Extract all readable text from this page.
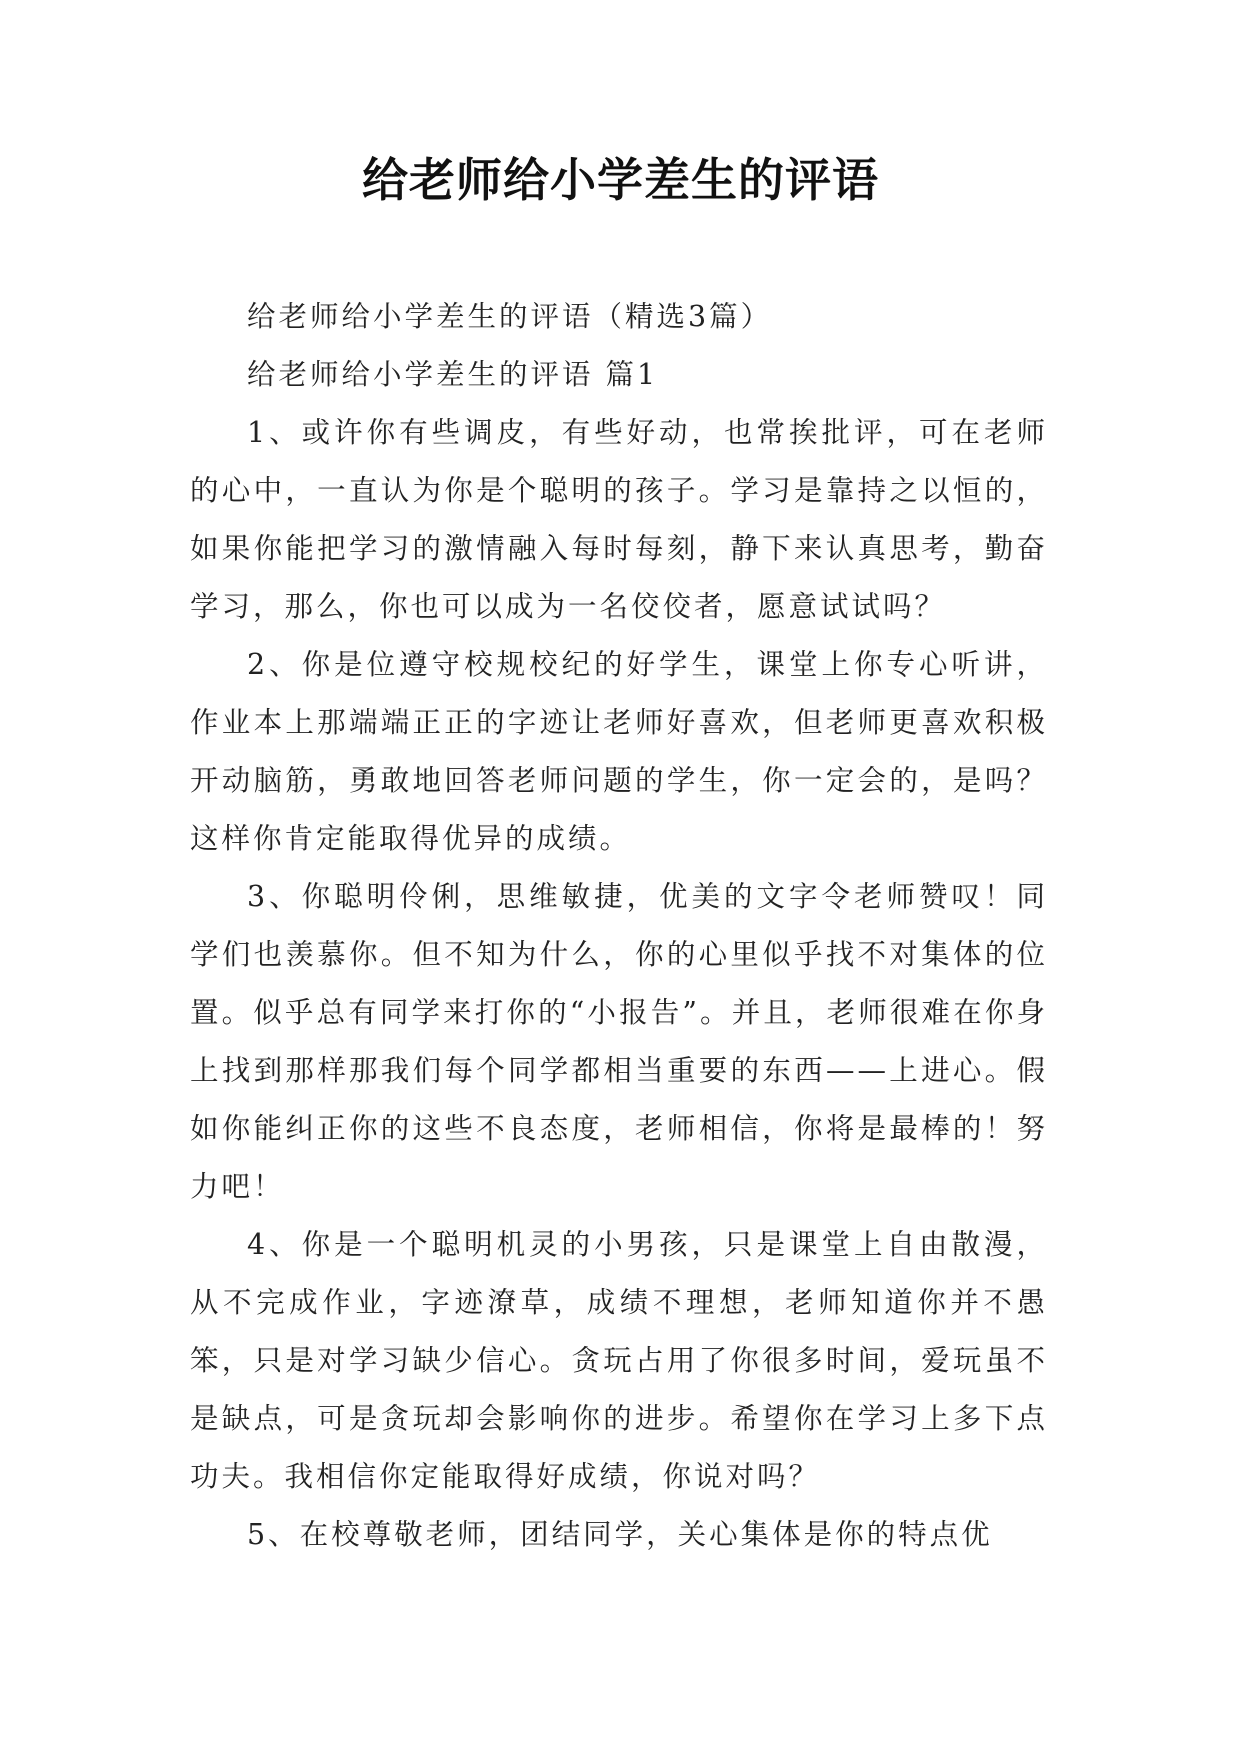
给老师给小学差生的评语

给老师给小学差生的评语（精选3篇）

给老师给小学差生的评语 篇1

1、或许你有些调皮，有些好动，也常挨批评，可在老师的心中，一直认为你是个聪明的孩子。学习是靠持之以恒的，如果你能把学习的激情融入每时每刻，静下来认真思考，勤奋学习，那么，你也可以成为一名佼佼者，愿意试试吗？

2、你是位遵守校规校纪的好学生，课堂上你专心听讲，作业本上那端端正正的字迹让老师好喜欢，但老师更喜欢积极开动脑筋，勇敢地回答老师问题的学生，你一定会的，是吗？这样你肯定能取得优异的成绩。

3、你聪明伶俐，思维敏捷，优美的文字令老师赞叹！同学们也羡慕你。但不知为什么，你的心里似乎找不对集体的位置。似乎总有同学来打你的“小报告”。并且，老师很难在你身上找到那样那我们每个同学都相当重要的东西——上进心。假如你能纠正你的这些不良态度，老师相信，你将是最棒的！努力吧！

4、你是一个聪明机灵的小男孩，只是课堂上自由散漫，从不完成作业，字迹潦草，成绩不理想，老师知道你并不愚笨，只是对学习缺少信心。贪玩占用了你很多时间，爱玩虽不是缺点，可是贪玩却会影响你的进步。希望你在学习上多下点功夫。我相信你定能取得好成绩，你说对吗？

5、在校尊敬老师，团结同学，关心集体是你的特点优
